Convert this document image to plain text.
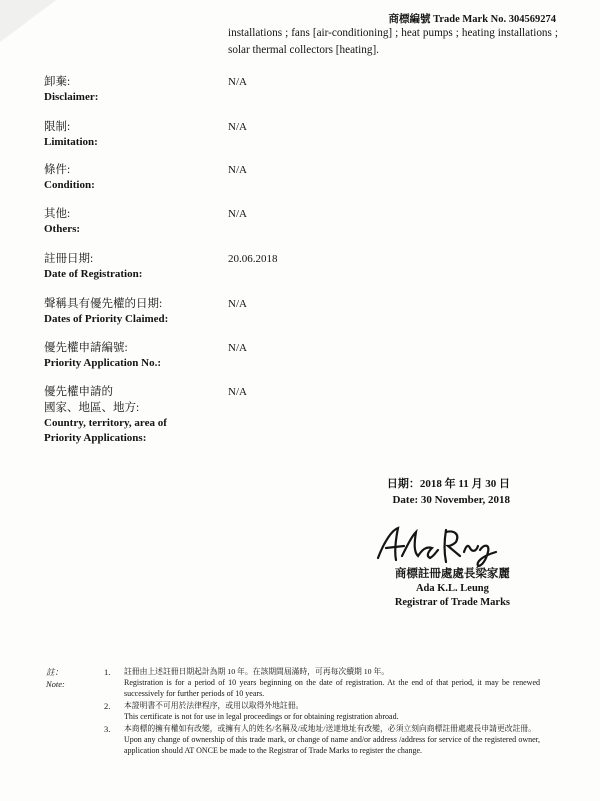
商標編號 Trade Mark No. 304569274
installations ; fans [air-conditioning] ; heat pumps ; heating installations ; solar thermal collectors [heating].
卸棄:
Disclaimer:
N/A
限制:
Limitation:
N/A
條件:
Condition:
N/A
其他:
Others:
N/A
註冊日期:
Date of Registration:
20.06.2018
聲稱具有優先權的日期:
Dates of Priority Claimed:
N/A
優先權申請編號:
Priority Application No.:
N/A
優先權申請的
國家、地區、地方:
Country, territory, area of
Priority Applications:
N/A
日期：2018 年 11 月 30 日
Date: 30 November, 2018
商標註冊處處長梁家麗
Ada K.L. Leung
Registrar of Trade Marks
註：
Note:
1. 註冊由上述註冊日期起計為期 10 年。在該期間屆滿時，可再每次續期 10 年。
Registration is for a period of 10 years beginning on the date of registration. At the end of that period, it may be renewed successively for further periods of 10 years.
2. 本證明書不可用於法律程序，或用以取得外地註冊。
This certificate is not for use in legal proceedings or for obtaining registration abroad.
3. 本商標的擁有權如有改變，或擁有人的姓名/名稱及/或地址/送達地址有改變，必須立刻向商標註冊處處長申請更改註冊。
Upon any change of ownership of this trade mark, or change of name and/or address /address for service of the registered owner, application should AT ONCE be made to the Registrar of Trade Marks to register the change.
